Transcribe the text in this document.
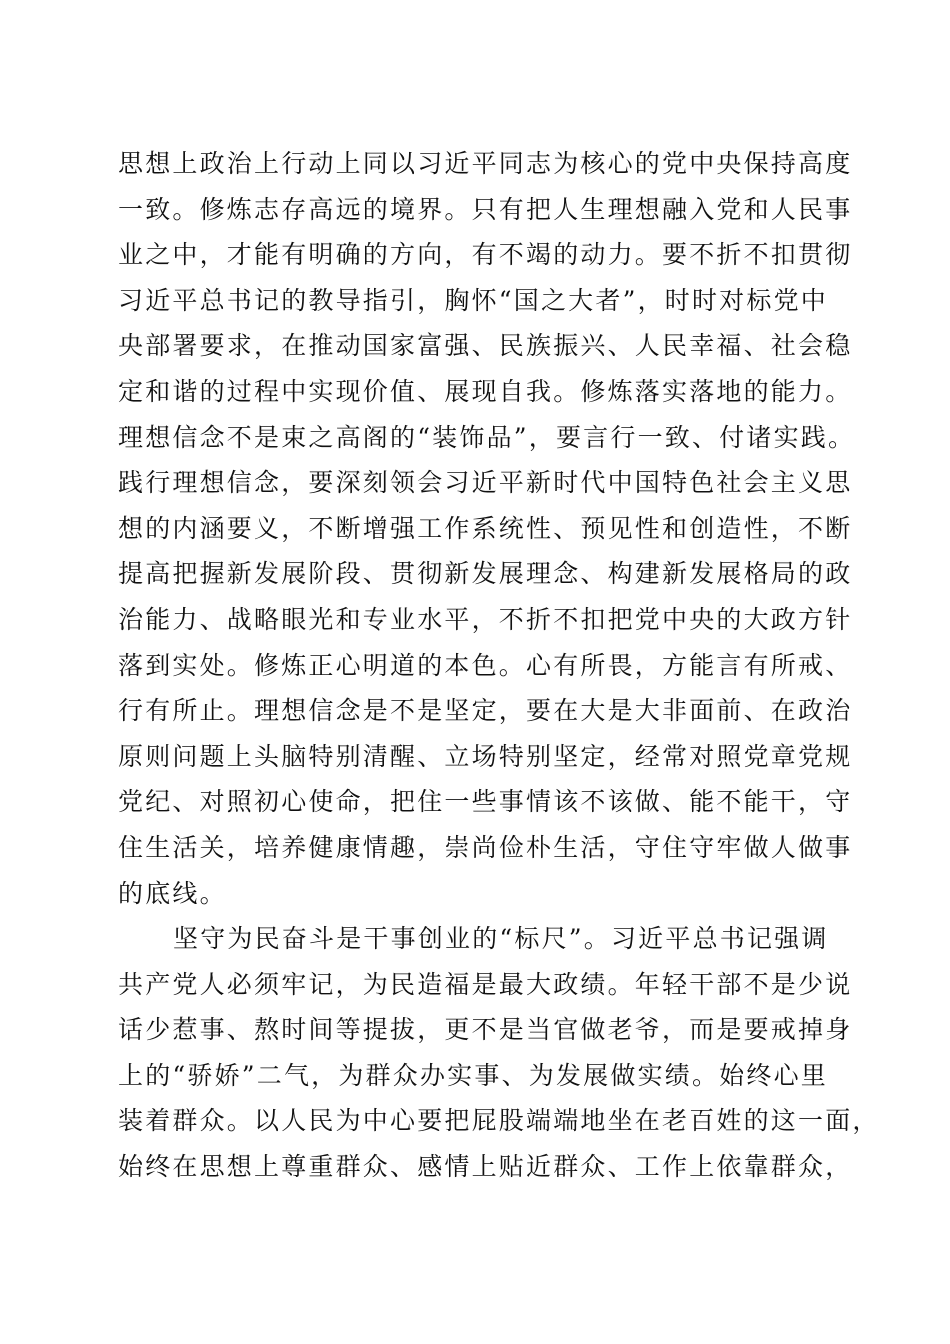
思想上政治上行动上同以习近平同志为核心的党中央保持高度
一致。修炼志存高远的境界。只有把人生理想融入党和人民事
业之中，才能有明确的方向，有不竭的动力。要不折不扣贯彻
习近平总书记的教导指引，胸怀“国之大者”，时时对标党中
央部署要求，在推动国家富强、民族振兴、人民幸福、社会稳
定和谐的过程中实现价值、展现自我。修炼落实落地的能力。
理想信念不是束之高阁的“装饰品”，要言行一致、付诸实践。
践行理想信念，要深刻领会习近平新时代中国特色社会主义思
想的内涵要义，不断增强工作系统性、预见性和创造性，不断
提高把握新发展阶段、贯彻新发展理念、构建新发展格局的政
治能力、战略眼光和专业水平，不折不扣把党中央的大政方针
落到实处。修炼正心明道的本色。心有所畏，方能言有所戒、
行有所止。理想信念是不是坚定，要在大是大非面前、在政治
原则问题上头脑特别清醒、立场特别坚定，经常对照党章党规
党纪、对照初心使命，把住一些事情该不该做、能不能干，守
住生活关，培养健康情趣，崇尚俭朴生活，守住守牢做人做事
的底线。
坚守为民奋斗是干事创业的“标尺”。习近平总书记强调
共产党人必须牢记，为民造福是最大政绩。年轻干部不是少说
话少惹事、熬时间等提拔，更不是当官做老爷，而是要戒掉身
上的“骄娇”二气，为群众办实事、为发展做实绩。始终心里
装着群众。以人民为中心要把屁股端端地坐在老百姓的这一面，
始终在思想上尊重群众、感情上贴近群众、工作上依靠群众，
